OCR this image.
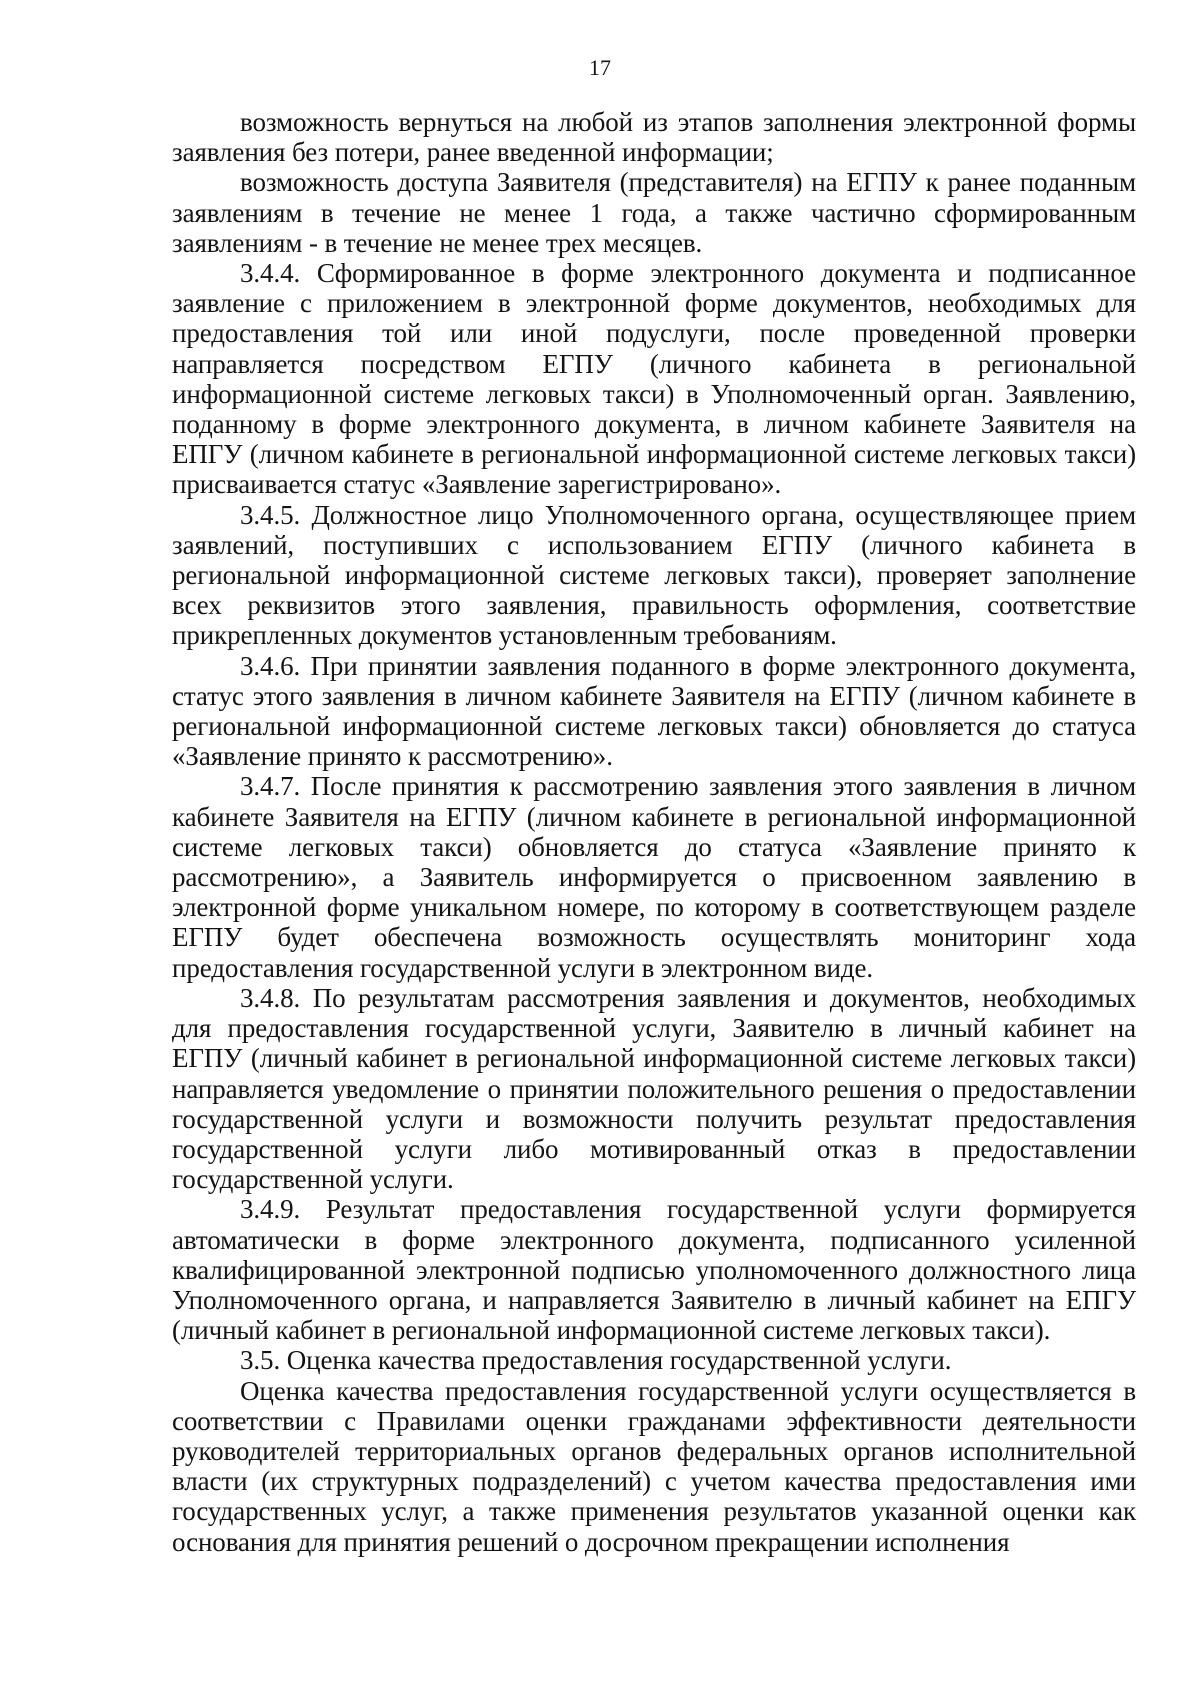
17

возможность вернуться на любой из этапов заполнения электронной формы заявления без потери, ранее введенной информации;

возможность доступа Заявителя (представителя) на ЕГПУ к ранее поданным заявлениям в течение не менее 1 года, а также частично сформированным заявлениям - в течение не менее трех месяцев.

3.4.4. Сформированное в форме электронного документа и подписанное заявление с приложением в электронной форме документов, необходимых для предоставления той или иной подуслуги, после проведенной проверки направляется посредством ЕГПУ (личного кабинета в региональной информационной системе легковых такси) в Уполномоченный орган. Заявлению, поданному в форме электронного документа, в личном кабинете Заявителя на ЕПГУ (личном кабинете в региональной информационной системе легковых такси) присваивается статус «Заявление зарегистрировано».

3.4.5. Должностное лицо Уполномоченного органа, осуществляющее прием заявлений, поступивших с использованием ЕГПУ (личного кабинета в региональной информационной системе легковых такси), проверяет заполнение всех реквизитов этого заявления, правильность оформления, соответствие прикрепленных документов установленным требованиям.

3.4.6. При принятии заявления поданного в форме электронного документа, статус этого заявления в личном кабинете Заявителя на ЕГПУ (личном кабинете в региональной информационной системе легковых такси) обновляется до статуса «Заявление принято к рассмотрению».

3.4.7. После принятия к рассмотрению заявления этого заявления в личном кабинете Заявителя на ЕГПУ (личном кабинете в региональной информационной системе легковых такси) обновляется до статуса «Заявление принято к рассмотрению», а Заявитель информируется о присвоенном заявлению в электронной форме уникальном номере, по которому в соответствующем разделе ЕГПУ будет обеспечена возможность осуществлять мониторинг хода предоставления государственной услуги в электронном виде.

3.4.8. По результатам рассмотрения заявления и документов, необходимых для предоставления государственной услуги, Заявителю в личный кабинет на ЕГПУ (личный кабинет в региональной информационной системе легковых такси) направляется уведомление о принятии положительного решения о предоставлении государственной услуги и возможности получить результат предоставления государственной услуги либо мотивированный отказ в предоставлении государственной услуги.

3.4.9. Результат предоставления государственной услуги формируется автоматически в форме электронного документа, подписанного усиленной квалифицированной электронной подписью уполномоченного должностного лица Уполномоченного органа, и направляется Заявителю в личный кабинет на ЕПГУ (личный кабинет в региональной информационной системе легковых такси).

3.5. Оценка качества предоставления государственной услуги.

Оценка качества предоставления государственной услуги осуществляется в соответствии с Правилами оценки гражданами эффективности деятельности руководителей территориальных органов федеральных органов исполнительной власти (их структурных подразделений) с учетом качества предоставления ими государственных услуг, а также применения результатов указанной оценки как основания для принятия решений о досрочном прекращении исполнения
